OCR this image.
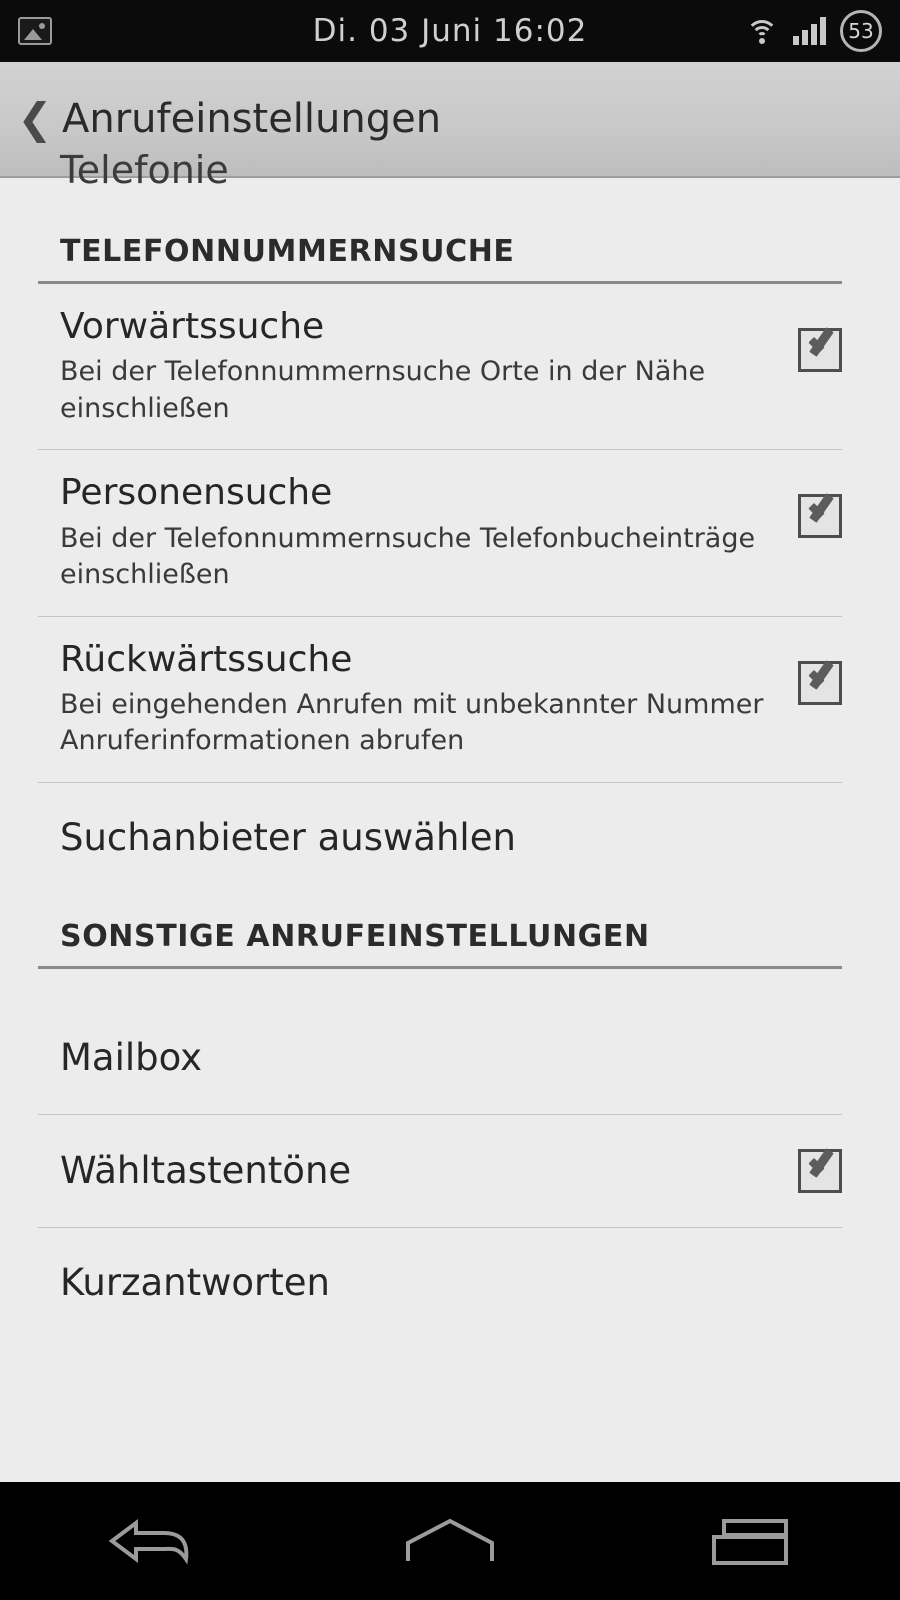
Di. 03 Juni 16:02	53
❮ Anrufeinstellungen
Telefonie
TELEFONNUMMERNSUCHE
Vorwärtssuche
Bei der Telefonnummernsuche Orte in der Nähe einschließen
Personensuche
Bei der Telefonnummernsuche Telefonbucheinträge einschließen
Rückwärtssuche
Bei eingehenden Anrufen mit unbekannter Nummer Anruferinformationen abrufen
Suchanbieter auswählen
SONSTIGE ANRUFEINSTELLUNGEN
Mailbox
Wähltastentöne
Kurzantworten
